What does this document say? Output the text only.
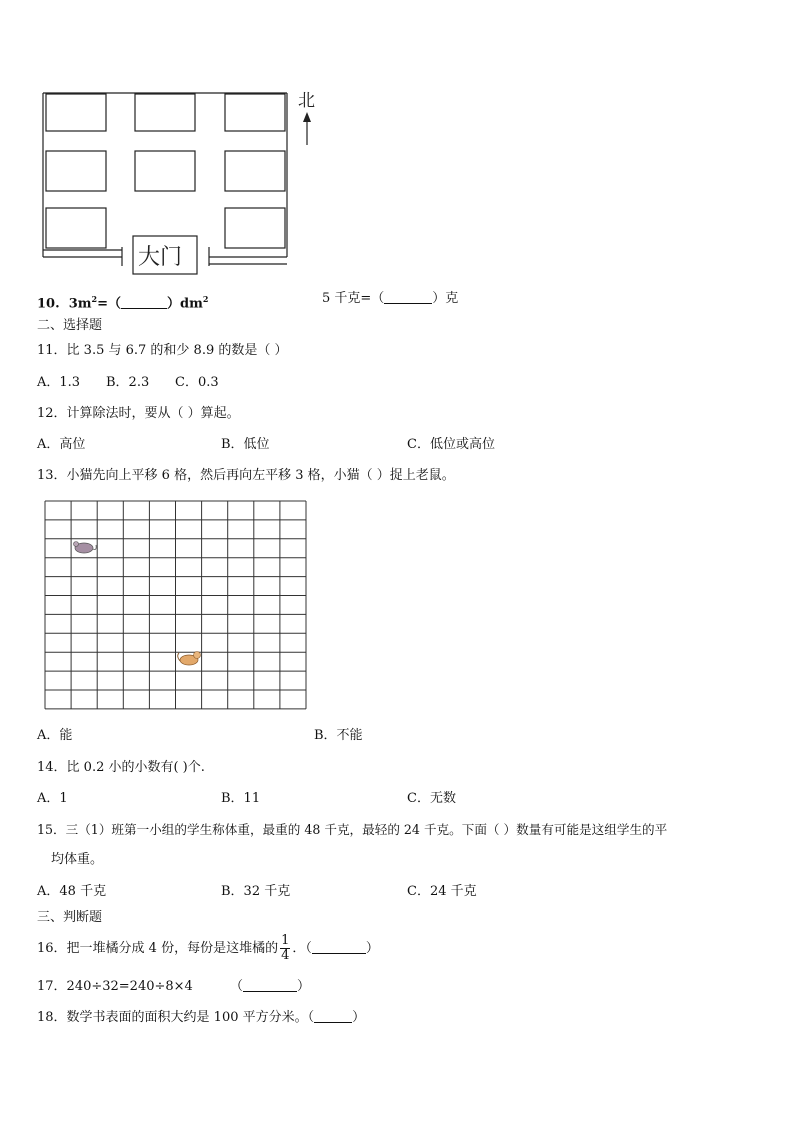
北
大门
10. $3m^2=$（	）$dm^2$	5 千克=（	）克
二、选择题
11．比 3.5 与 6.7 的和少 8.9 的数是（ ）
A．1.3 B．2.3 C．0.3
12．计算除法时，要从（ ）算起。
A．高位	B．低位	C．低位或高位
13．小猫先向上平移 6 格，然后再向左平移 3 格，小猫（ ）捉上老鼠。
A．能	B．不能
14．比 0.2 小的小数有( )个.
A．1	B．11	C．无数
15．三（1）班第一小组的学生称体重，最重的 48 千克，最轻的 24 千克。下面（ ）数量有可能是这组学生的平
均体重。
A．48 千克	B．32 千克	C．24 千克
三、判断题
16．把一堆橘分成 4 份，每份是这堆橘的 $\frac{1}{4}$ ．（	）
17．240÷32=240÷8×4	（	）
18．数学书表面的面积大约是 100 平方分米。（	）
